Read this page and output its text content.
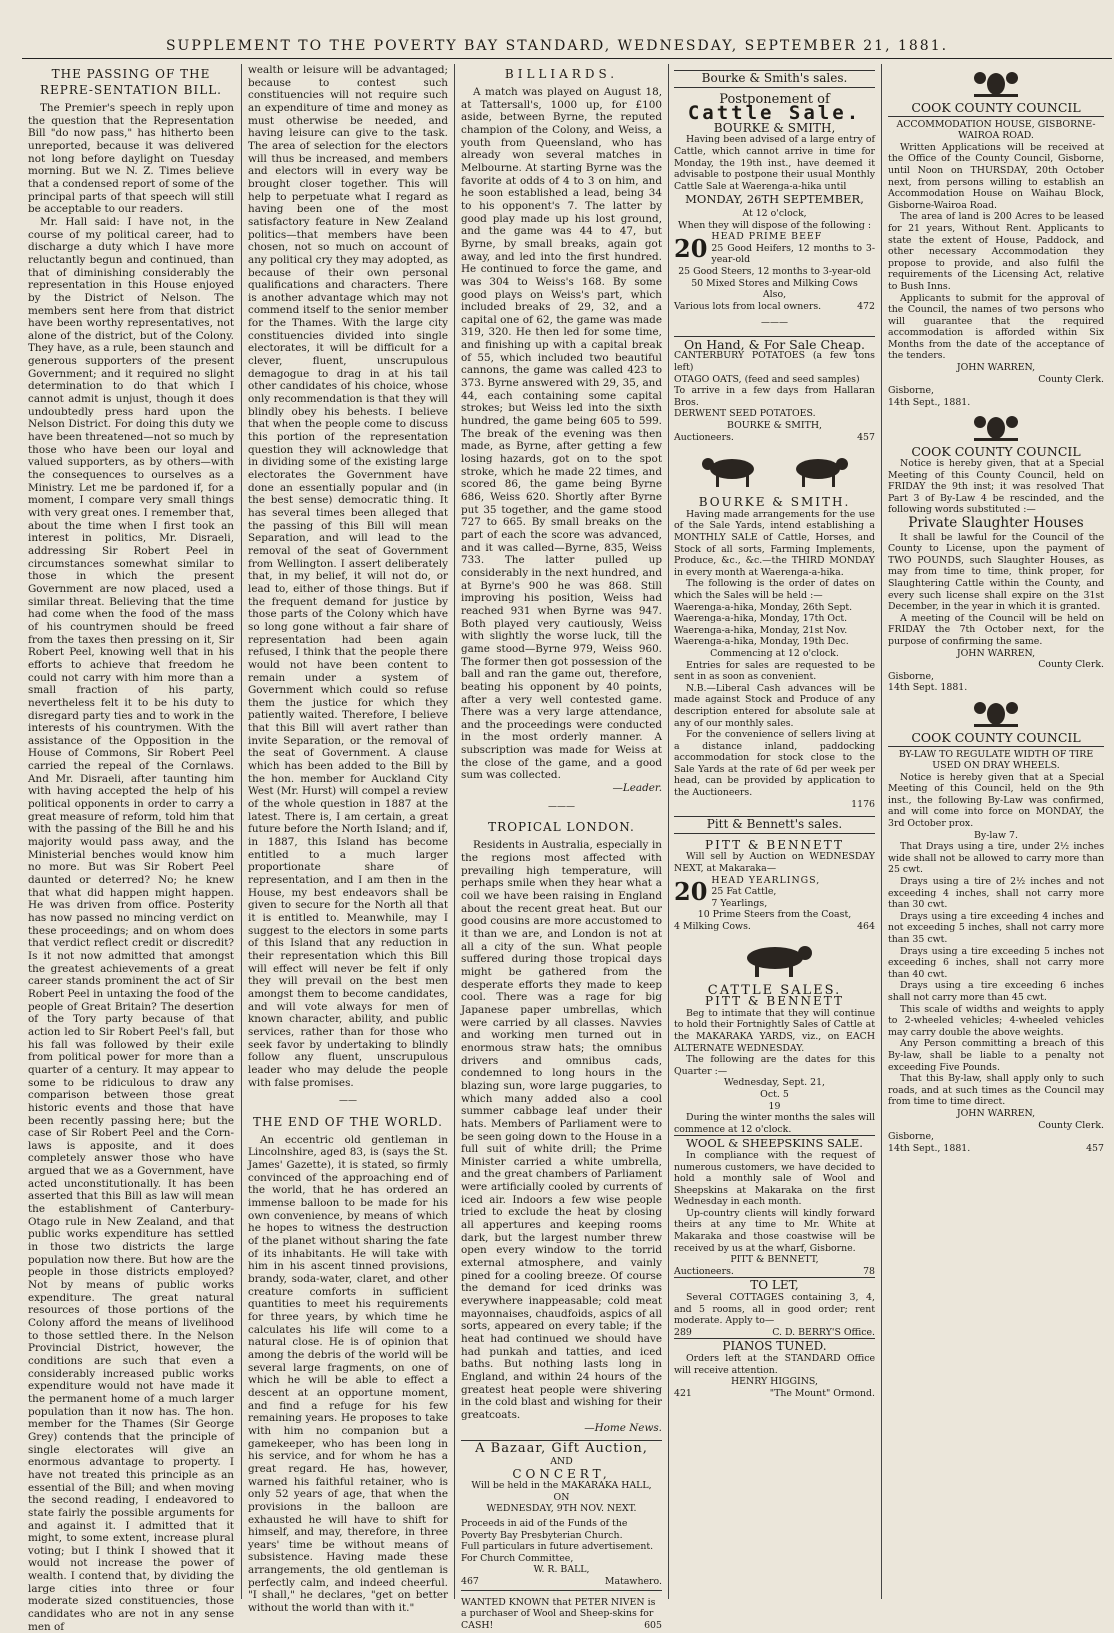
SUPPLEMENT TO THE POVERTY BAY STANDARD, WEDNESDAY, SEPTEMBER 21, 1881.
THE PASSING OF THE REPRE-SENTATION BILL.

The Premier's speech in reply upon the question that the Representation Bill "do now pass," has hitherto been unreported, because it was delivered not long before daylight on Tuesday morning. But we N. Z. Times believe that a condensed report of some of the principal parts of that speech will still be acceptable to our readers.

Mr. Hall said: I have not, in the course of my political career, had to discharge a duty which I have more reluctantly begun and continued, than that of diminishing considerably the representation in this House enjoyed by the District of Nelson. The members sent here from that district have been worthy representatives, not alone of the district, but of the Colony. They have, as a rule, been staunch and generous supporters of the present Government; and it required no slight determination to do that which I cannot admit is unjust, though it does undoubtedly press hard upon the Nelson District. For doing this duty we have been threatened—not so much by those who have been our loyal and valued supporters, as by others—with the consequences to ourselves as a Ministry. Let me be pardoned if, for a moment, I compare very small things with very great ones. I remember that, about the time when I first took an interest in politics, Mr. Disraeli, addressing Sir Robert Peel in circumstances somewhat similar to those in which the present Government are now placed, used a similar threat. Believing that the time had come when the food of the mass of his countrymen should be freed from the taxes then pressing on it, Sir Robert Peel, knowing well that in his efforts to achieve that freedom he could not carry with him more than a small fraction of his party, nevertheless felt it to be his duty to disregard party ties and to work in the interests of his countrymen. With the assistance of the Opposition in the House of Commons, Sir Robert Peel carried the repeal of the Cornlaws. And Mr. Disraeli, after taunting him with having accepted the help of his political opponents in order to carry a great measure of reform, told him that with the passing of the Bill he and his majority would pass away, and the Ministerial benches would know him no more. But was Sir Robert Peel daunted or deterred? No; he knew that what did happen might happen. He was driven from office. Posterity has now passed no mincing verdict on these proceedings; and on whom does that verdict reflect credit or discredit? Is it not now admitted that amongst the greatest achievements of a great career stands prominent the act of Sir Robert Peel in untaxing the food of the people of Great Britain? The desertion of the Tory party because of that action led to Sir Robert Peel's fall, but his fall was followed by their exile from political power for more than a quarter of a century. It may appear to some to be ridiculous to draw any comparison between those great historic events and those that have been recently passing here; but the case of Sir Robert Peel and the Corn-laws is apposite, and it does completely answer those who have argued that we as a Government, have acted unconstitutionally. It has been asserted that this Bill as law will mean the establishment of Canterbury-Otago rule in New Zealand, and that public works expenditure has settled in those two districts the large population now there. But how are the people in those districts employed? Not by means of public works expenditure. The great natural resources of those portions of the Colony afford the means of livelihood to those settled there. In the Nelson Provincial District, however, the conditions are such that even a considerably increased public works expenditure would not have made it the permanent home of a much larger population than it now has. The hon. member for the Thames (Sir George Grey) contends that the principle of single electorates will give an enormous advantage to property. I have not treated this principle as an essential of the Bill; and when moving the second reading, I endeavored to state fairly the possible arguments for and against it. I admitted that it might, to some extent, increase plural voting; but I think I showed that it would not increase the power of wealth. I contend that, by dividing the large cities into three or four moderate sized constituencies, those candidates who are not in any sense men of

wealth or leisure will be advantaged; because to contest such constituencies will not require such an expenditure of time and money as must otherwise be needed, and having leisure can give to the task. The area of selection for the electors will thus be increased, and members and electors will in every way be brought closer together. This will help to perpetuate what I regard as having been one of the most satisfactory feature in New Zealand politics—that members have been chosen, not so much on account of any political cry they may adopted, as because of their own personal qualifications and characters. There is another advantage which may not commend itself to the senior member for the Thames. With the large city constituencies divided into single electorates, it will be difficult for a clever, fluent, unscrupulous demagogue to drag in at his tail other candidates of his choice, whose only recommendation is that they will blindly obey his behests. I believe that when the people come to discuss this portion of the representation question they will acknowledge that in dividing some of the existing large electorates the Government have done an essentially popular and (in the best sense) democratic thing. It has several times been alleged that the passing of this Bill will mean Separation, and will lead to the removal of the seat of Government from Wellington. I assert deliberately that, in my belief, it will not do, or lead to, either of those things. But if the frequent demand for justice by those parts of the Colony which have so long gone without a fair share of representation had been again refused, I think that the people there would not have been content to remain under a system of Government which could so refuse them the justice for which they patiently waited. Therefore, I believe that this Bill will avert rather than invite Separation, or the removal of the seat of Government. A clause which has been added to the Bill by the hon. member for Auckland City West (Mr. Hurst) will compel a review of the whole question in 1887 at the latest. There is, I am certain, a great future before the North Island; and if, in 1887, this Island has become entitled to a much larger proportionate share of representation, and I am then in the House, my best endeavors shall be given to secure for the North all that it is entitled to. Meanwhile, may I suggest to the electors in some parts of this Island that any reduction in their representation which this Bill will effect will never be felt if only they will prevail on the best men amongst them to become candidates, and will vote always for men of known character, ability, and public services, rather than for those who seek favor by undertaking to blindly follow any fluent, unscrupulous leader who may delude the people with false promises.

——
THE END OF THE WORLD.

An eccentric old gentleman in Lincolnshire, aged 83, is (says the St. James' Gazette), it is stated, so firmly convinced of the approaching end of the world, that he has ordered an immense balloon to be made for his own convenience, by means of which he hopes to witness the destruction of the planet without sharing the fate of its inhabitants. He will take with him in his ascent tinned provisions, brandy, soda-water, claret, and other creature comforts in sufficient quantities to meet his requirements for three years, by which time he calculates his life will come to a natural close. He is of opinion that among the debris of the world will be several large fragments, on one of which he will be able to effect a descent at an opportune moment, and find a refuge for his few remaining years. He proposes to take with him no companion but a gamekeeper, who has been long in his service, and for whom he has a great regard. He has, however, warned his faithful retainer, who is only 52 years of age, that when the provisions in the balloon are exhausted he will have to shift for himself, and may, therefore, in three years' time be without means of subsistence. Having made these arrangements, the old gentleman is perfectly calm, and indeed cheerful. "I shall," he declares, "get on better without the world than with it."

BILLIARDS.

A match was played on August 18, at Tattersall's, 1000 up, for £100 aside, between Byrne, the reputed champion of the Colony, and Weiss, a youth from Queensland, who has already won several matches in Melbourne. At starting Byrne was the favorite at odds of 4 to 3 on him, and he soon established a lead, being 34 to his opponent's 7. The latter by good play made up his lost ground, and the game was 44 to 47, but Byrne, by small breaks, again got away, and led into the first hundred. He continued to force the game, and was 304 to Weiss's 168. By some good plays on Weiss's part, which included breaks of 29, 32, and a capital one of 62, the game was made 319, 320. He then led for some time, and finishing up with a capital break of 55, which included two beautiful cannons, the game was called 423 to 373. Byrne answered with 29, 35, and 44, each containing some capital strokes; but Weiss led into the sixth hundred, the game being 605 to 599. The break of the evening was then made, as Byrne, after getting a few losing hazards, got on to the spot stroke, which he made 22 times, and scored 86, the game being Byrne 686, Weiss 620. Shortly after Byrne put 35 together, and the game stood 727 to 665. By small breaks on the part of each the score was advanced, and it was called—Byrne, 835, Weiss 733. The latter pulled up considerably in the next hundred, and at Byrne's 900 he was 868. Still improving his position, Weiss had reached 931 when Byrne was 947. Both played very cautiously, Weiss with slightly the worse luck, till the game stood—Byrne 979, Weiss 960. The former then got possession of the ball and ran the game out, therefore, beating his opponent by 40 points, after a very well contested game. There was a very large attendance, and the proceedings were conducted in the most orderly manner. A subscription was made for Weiss at the close of the game, and a good sum was collected.

—Leader.
———
TROPICAL LONDON.

Residents in Australia, especially in the regions most affected with prevailing high temperature, will perhaps smile when they hear what a coil we have been raising in England about the recent great heat. But our good cousins are more accustomed to it than we are, and London is not at all a city of the sun. What people suffered during those tropical days might be gathered from the desperate efforts they made to keep cool. There was a rage for big Japanese paper umbrellas, which were carried by all classes. Navvies and working men turned out in enormous straw hats; the omnibus drivers and omnibus cads, condemned to long hours in the blazing sun, wore large puggaries, to which many added also a cool summer cabbage leaf under their hats. Members of Parliament were to be seen going down to the House in a full suit of white drill; the Prime Minister carried a white umbrella, and the great chambers of Parliament were artificially cooled by currents of iced air. Indoors a few wise people tried to exclude the heat by closing all appertures and keeping rooms dark, but the largest number threw open every window to the torrid external atmosphere, and vainly pined for a cooling breeze. Of course the demand for iced drinks was everywhere inappeasable; cold meat mayonnaises, chaudfoids, aspics of all sorts, appeared on every table; if the heat had continued we should have had punkah and tatties, and iced baths. But nothing lasts long in England, and within 24 hours of the greatest heat people were shivering in the cold blast and wishing for their greatcoats.

—Home News.
A Bazaar, Gift Auction,
AND
CONCERT,
Will be held in the MAKARAKA HALL,
ON
WEDNESDAY, 9TH NOV. NEXT.
Proceeds in aid of the Funds of the Poverty Bay Presbyterian Church.
Full particulars in future advertisement. For Church Committee,
W. R. BALL,
467	Matawhero.
WANTED KNOWN that PETER NIVEN is a purchaser of Wool and Sheep-skins for CASH!	605
Bourke & Smith's sales.
Postponement of
Cattle Sale.
BOURKE & SMITH,

Having been advised of a large entry of Cattle, which cannot arrive in time for Monday, the 19th inst., have deemed it advisable to postpone their usual Monthly Cattle Sale at Waerenga-a-hika until

MONDAY, 26TH SEPTEMBER,
At 12 o'clock,
When they will dispose of the following :
20 HEAD PRIME BEEF
25 Good Heifers, 12 months to 3-year-old
25 Good Steers, 12 months to 3-year-old
50 Mixed Stores and Milking Cows
Also,
Various lots from local owners.	472
———
On Hand, & For Sale Cheap.
CANTERBURY POTATOES (a few tons left)
OTAGO OATS, (feed and seed samples)
To arrive in a few days from Hallaran Bros.
DERWENT SEED POTATOES.
BOURKE & SMITH,
Auctioneers.	457
BOURKE & SMITH.

Having made arrangements for the use of the Sale Yards, intend establishing a MONTHLY SALE of Cattle, Horses, and Stock of all sorts, Farming Implements, Produce, &c., &c.—the THIRD MONDAY in every month at Waerenga-a-hika.

The following is the order of dates on which the Sales will be held :—

Waerenga-a-hika, Monday, 26th Sept.
Waerenga-a-hika, Monday, 17th Oct.
Waerenga-a-hika, Monday, 21st Nov.
Waerenga-a-hika, Monday, 19th Dec.
Commencing at 12 o'clock.

Entries for sales are requested to be sent in as soon as convenient.

N.B.—Liberal Cash advances will be made against Stock and Produce of any description entered for absolute sale at any of our monthly sales.

For the convenience of sellers living at a distance inland, paddocking accommodation for stock close to the Sale Yards at the rate of 6d per week per head, can be provided by application to the Auctioneers.

1176
Pitt & Bennett's sales.
PITT & BENNETT

Will sell by Auction on WEDNESDAY NEXT, at Makaraka—

20 HEAD YEARLINGS,
25 Fat Cattle,
7 Yearlings,
10 Prime Steers from the Coast,
4 Milking Cows.	464
CATTLE SALES.
PITT & BENNETT

Beg to intimate that they will continue to hold their Fortnightly Sales of Cattle at the MAKARAKA YARDS, viz., on EACH ALTERNATE WEDNESDAY.

The following are the dates for this Quarter :—

Wednesday, Sept. 21,
Oct. 5
19

During the winter months the sales will commence at 12 o'clock.

WOOL & SHEEPSKINS SALE.

In compliance with the request of numerous customers, we have decided to hold a monthly sale of Wool and Sheepskins at Makaraka on the first Wednesday in each month.

Up-country clients will kindly forward theirs at any time to Mr. White at Makaraka and those coastwise will be received by us at the wharf, Gisborne.

PITT & BENNETT,
Auctioneers.	78
TO LET,

Several COTTAGES containing 3, 4, and 5 rooms, all in good order; rent moderate. Apply to—

289	C. D. BERRY'S Office.
PIANOS TUNED.

Orders left at the STANDARD Office will receive attention.

HENRY HIGGINS,
421	"The Mount" Ormond.
COOK COUNTY COUNCIL
ACCOMMODATION HOUSE, GISBORNE-WAIROA ROAD.

Written Applications will be received at the Office of the County Council, Gisborne, until Noon on THURSDAY, 20th October next, from persons willing to establish an Accommodation House on Waihau Block, Gisborne-Wairoa Road.

The area of land is 200 Acres to be leased for 21 years, Without Rent. Applicants to state the extent of House, Paddock, and other necessary Accommodation they propose to provide, and also fulfil the requirements of the Licensing Act, relative to Bush Inns.

Applicants to submit for the approval of the Council, the names of two persons who will guarantee that the required accommodation is afforded within Six Months from the date of the acceptance of the tenders.

JOHN WARREN,
County Clerk.
Gisborne,
14th Sept., 1881.
COOK COUNTY COUNCIL

Notice is hereby given, that at a Special Meeting of this County Council, held on FRIDAY the 9th inst; it was resolved That Part 3 of By-Law 4 be rescinded, and the following words substituted :—

Private Slaughter Houses

It shall be lawful for the Council of the County to License, upon the payment of TWO POUNDS, such Slaughter Houses, as may from time to time, think proper, for Slaughtering Cattle within the County, and every such license shall expire on the 31st December, in the year in which it is granted.

A meeting of the Council will be held on FRIDAY the 7th October next, for the purpose of confirming the same.

JOHN WARREN,
County Clerk.
Gisborne,
14th Sept. 1881.
COOK COUNTY COUNCIL
BY-LAW TO REGULATE WIDTH OF TIRE USED ON DRAY WHEELS.

Notice is hereby given that at a Special Meeting of this Council, held on the 9th inst., the following By-Law was confirmed, and will come into force on MONDAY, the 3rd October prox.

By-law 7.

That Drays using a tire, under 2½ inches wide shall not be allowed to carry more than 25 cwt.

Drays using a tire of 2½ inches and not exceeding 4 inches, shall not carry more than 30 cwt.

Drays using a tire exceeding 4 inches and not exceeding 5 inches, shall not carry more than 35 cwt.

Drays using a tire exceeding 5 inches not exceeding 6 inches, shall not carry more than 40 cwt.

Drays using a tire exceeding 6 inches shall not carry more than 45 cwt.

This scale of widths and weights to apply to 2-wheeled vehicles; 4-wheeled vehicles may carry double the above weights.

Any Person committing a breach of this By-law, shall be liable to a penalty not exceeding Five Pounds.

That this By-law, shall apply only to such roads, and at such times as the Council may from time to time direct.

JOHN WARREN,
County Clerk.
Gisborne,
14th Sept., 1881.	457
